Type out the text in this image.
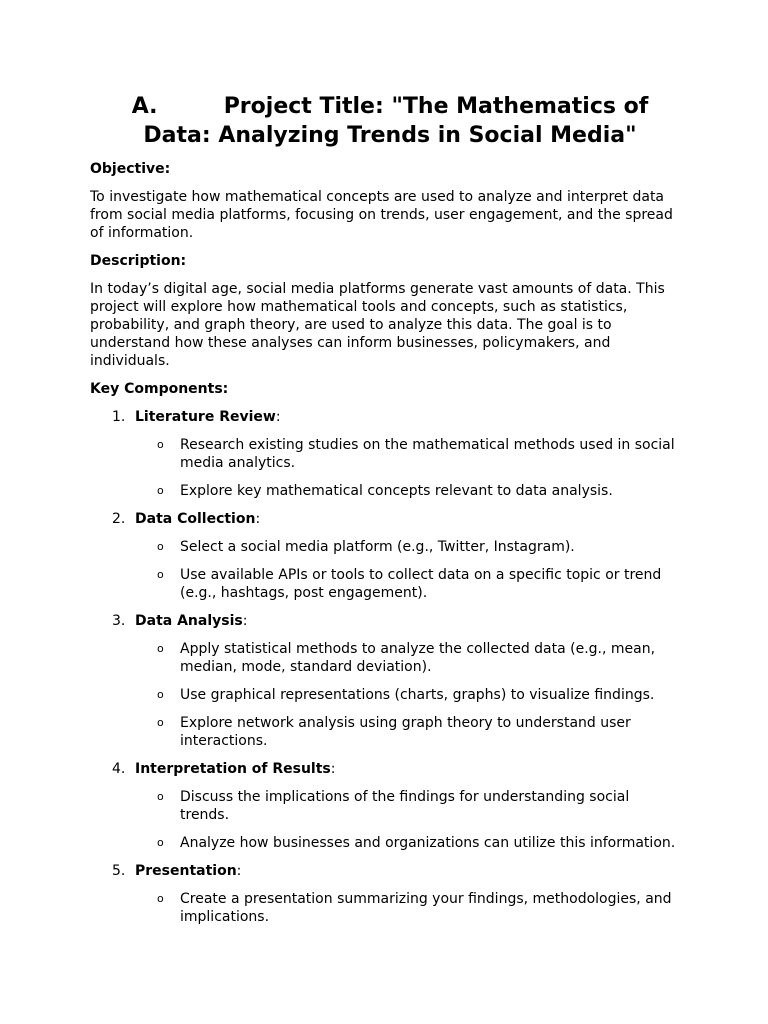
A.	Project Title: "The Mathematics of
Data: Analyzing Trends in Social Media"
Objective:
To investigate how mathematical concepts are used to analyze and interpret data from social media platforms, focusing on trends, user engagement, and the spread of information.
Description:
In today’s digital age, social media platforms generate vast amounts of data. This project will explore how mathematical tools and concepts, such as statistics, probability, and graph theory, are used to analyze this data. The goal is to understand how these analyses can inform businesses, policymakers, and individuals.
Key Components:
1. Literature Review:
o Research existing studies on the mathematical methods used in social media analytics.
o Explore key mathematical concepts relevant to data analysis.
2. Data Collection:
o Select a social media platform (e.g., Twitter, Instagram).
o Use available APIs or tools to collect data on a specific topic or trend (e.g., hashtags, post engagement).
3. Data Analysis:
o Apply statistical methods to analyze the collected data (e.g., mean, median, mode, standard deviation).
o Use graphical representations (charts, graphs) to visualize findings.
o Explore network analysis using graph theory to understand user interactions.
4. Interpretation of Results:
o Discuss the implications of the findings for understanding social trends.
o Analyze how businesses and organizations can utilize this information.
5. Presentation:
o Create a presentation summarizing your findings, methodologies, and implications.
